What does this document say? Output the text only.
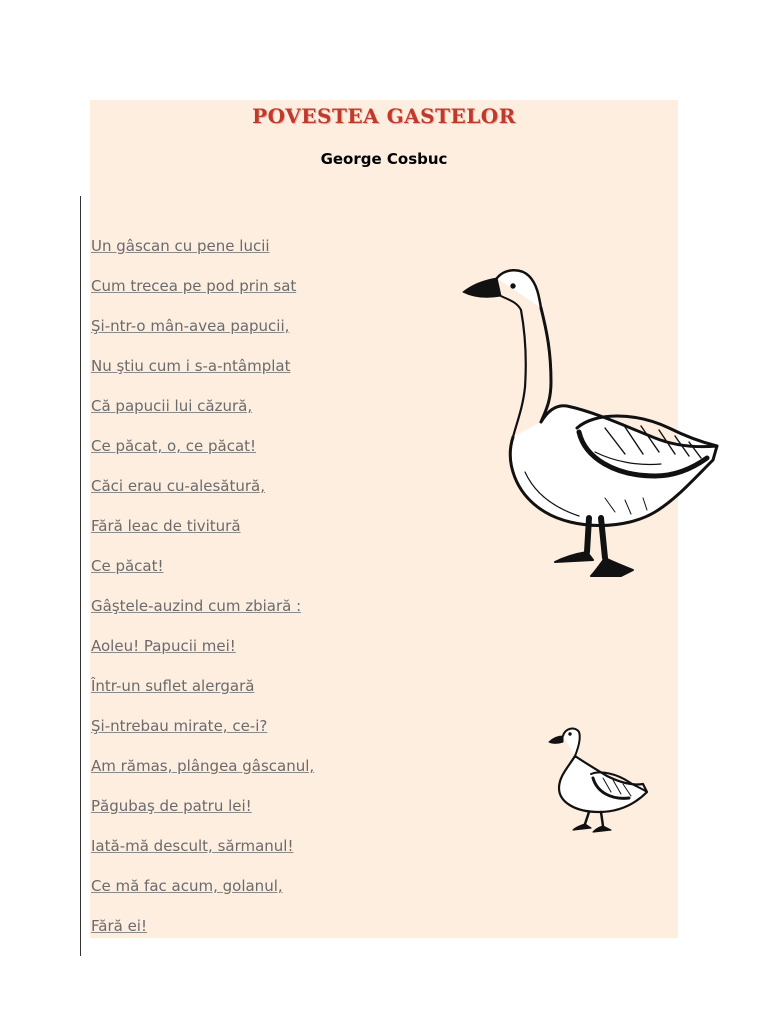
POVESTEA GASTELOR
George Cosbuc
Un gâscan cu pene lucii
Cum trecea pe pod prin sat
Şi-ntr-o mân-avea papucii,
Nu ştiu cum i s-a-ntâmplat
Că papucii lui căzură,
Ce păcat, o, ce păcat!
Căci erau cu-alesătură,
Fără leac de tivitură
Ce păcat!
Gâştele-auzind cum zbiară :
Aoleu! Papucii mei!
Într-un suflet alergară
Şi-ntrebau mirate, ce-i?
Am rămas, plângea gâscanul,
Păgubaş de patru lei!
Iată-mă descult, sărmanul!
Ce mă fac acum, golanul,
Fără ei!
